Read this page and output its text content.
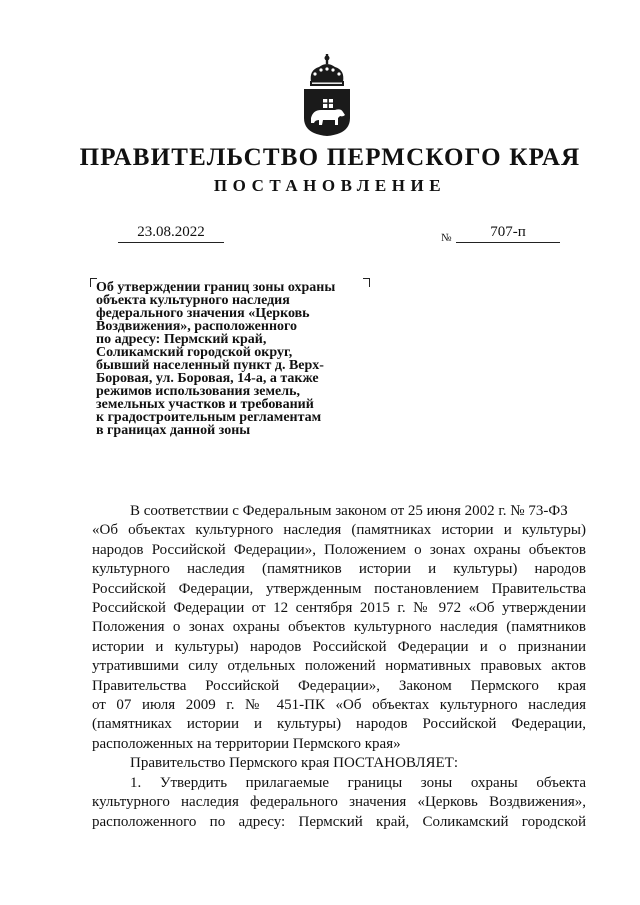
ПРАВИТЕЛЬСТВО ПЕРМСКОГО КРАЯ
ПОСТАНОВЛЕНИЕ
23.08.2022	№	707-п
Об утверждении границ зоны охраны
объекта культурного наследия
федерального значения «Церковь
Воздвижения», расположенного
по адресу: Пермский край,
Соликамский городской округ,
бывший населенный пункт д. Верх-
Боровая, ул. Боровая, 14-а, а также
режимов использования земель,
земельных участков и требований
к градостроительным регламентам
в границах данной зоны
В соответствии с Федеральным законом от 25 июня 2002 г. № 73-ФЗ
«Об объектах культурного наследия (памятниках истории и культуры)
народов Российской Федерации», Положением о зонах охраны объектов
культурного наследия (памятников истории и культуры) народов
Российской Федерации, утвержденным постановлением Правительства
Российской Федерации от 12 сентября 2015 г. № 972 «Об утверждении
Положения о зонах охраны объектов культурного наследия (памятников
истории и культуры) народов Российской Федерации и о признании
утратившими силу отдельных положений нормативных правовых актов
Правительства Российской Федерации», Законом Пермского края
от 07 июля 2009 г. № 451-ПК «Об объектах культурного наследия
(памятниках истории и культуры) народов Российской Федерации,
расположенных на территории Пермского края»
Правительство Пермского края ПОСТАНОВЛЯЕТ:
1. Утвердить прилагаемые границы зоны охраны объекта
культурного наследия федерального значения «Церковь Воздвижения»,
расположенного по адресу: Пермский край, Соликамский городской
